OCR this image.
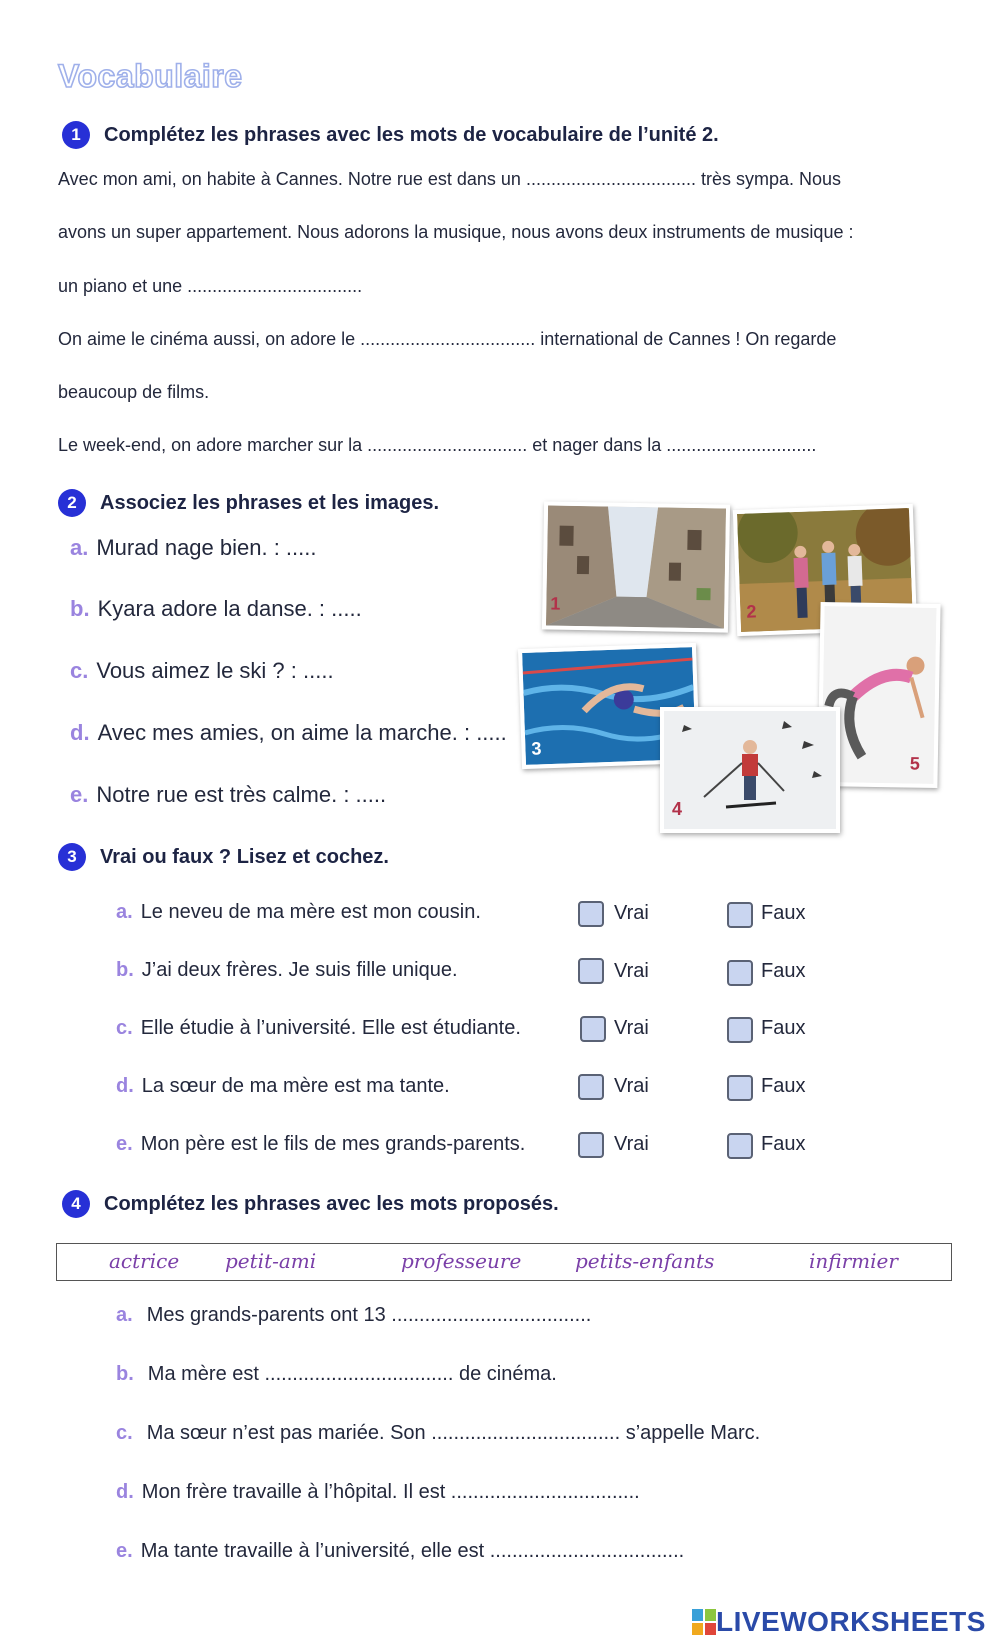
Vocabulaire
1	Complétez les phrases avec les mots de vocabulaire de l’unité 2.
Avec mon ami, on habite à Cannes. Notre rue est dans un .................................. très sympa. Nous
avons un super appartement. Nous adorons la musique, nous avons deux instruments de musique :
un piano et une ...................................
On aime le cinéma aussi, on adore le ................................... international de Cannes ! On regarde
beaucoup de films.
Le week-end, on adore marcher sur la ................................ et nager dans la ..............................
2	Associez les phrases et les images.
a. Murad nage bien. : .....
b. Kyara adore la danse. : .....
c. Vous aimez le ski ? : .....
d. Avec mes amies, on aime la marche. : .....
e. Notre rue est très calme. : .....
1	2
5
3
4
3	Vrai ou faux ? Lisez et cochez.
a. Le neveu de ma mère est mon cousin.	Vrai	Faux
b. J’ai deux frères. Je suis fille unique.	Vrai	Faux
c. Elle étudie à l’université. Elle est étudiante.	Vrai	Faux
d. La sœur de ma mère est ma tante.	Vrai	Faux
e. Mon père est le fils de mes grands-parents.	Vrai	Faux
4	Complétez les phrases avec les mots proposés.
actrice petit-ami	professeure	petits-enfants	infirmier
a. Mes grands-parents ont 13 ....................................
b. Ma mère est .................................. de cinéma.
c. Ma sœur n’est pas mariée. Son .................................. s’appelle Marc.
d. Mon frère travaille à l’hôpital. Il est ..................................
e. Ma tante travaille à l’université, elle est ...................................
LIVEWORKSHEETS
